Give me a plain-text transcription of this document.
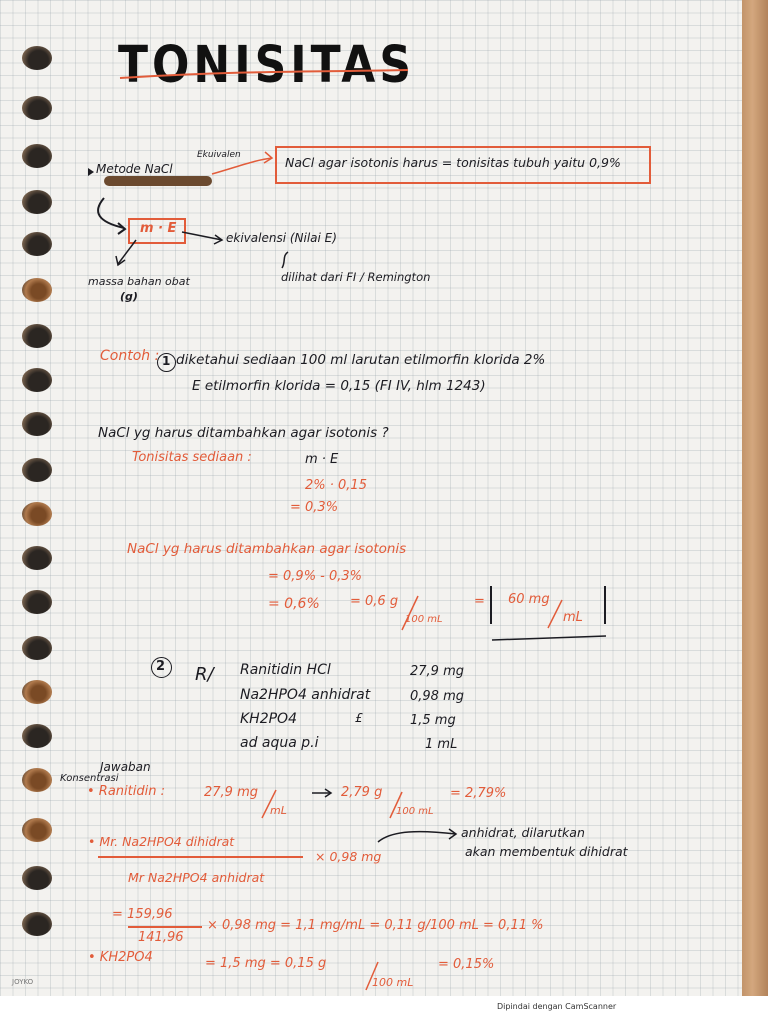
TONISITAS
Metode NaCl
Ekuivalen	NaCl agar isotonis harus = tonisitas tubuh yaitu 0,9%
m · E
ekivalensi (Nilai E)
massa bahan obat
(g)
dilihat dari FI / Remington
Contoh : 1 diketahui sediaan 100 ml larutan etilmorfin klorida 2%
E etilmorfin klorida = 0,15 (FI IV, hlm 1243)
NaCl yg harus ditambahkan agar isotonis ?
Tonisitas sediaan :	m · E
2% · 0,15
= 0,3%
NaCl yg harus ditambahkan agar isotonis
= 0,9% - 0,3%
= 0,6% = 0,6 g
100 mL
= 60 mg
mL
2 R/ Ranitidin HCl	27,9 mg
Na2HPO4 anhidrat	0,98 mg
KH2PO4	£	1,5 mg
ad aqua p.i	1 mL
Jawaban
Konsentrasi
• Ranitidin :	27,9 mg
mL
2,79 g
100 mL
= 2,79%
• Mr. Na2HPO4 dihidrat
Mr Na2HPO4 anhidrat
× 0,98 mg
anhidrat, dilarutkan
akan membentuk dihidrat
= 159,96
141,96
× 0,98 mg = 1,1 mg/mL = 0,11 g/100 mL = 0,11 %
• KH2PO4	= 1,5 mg = 0,15 g
100 mL
= 0,15%
JOYKO
Dipindai dengan CamScanner
